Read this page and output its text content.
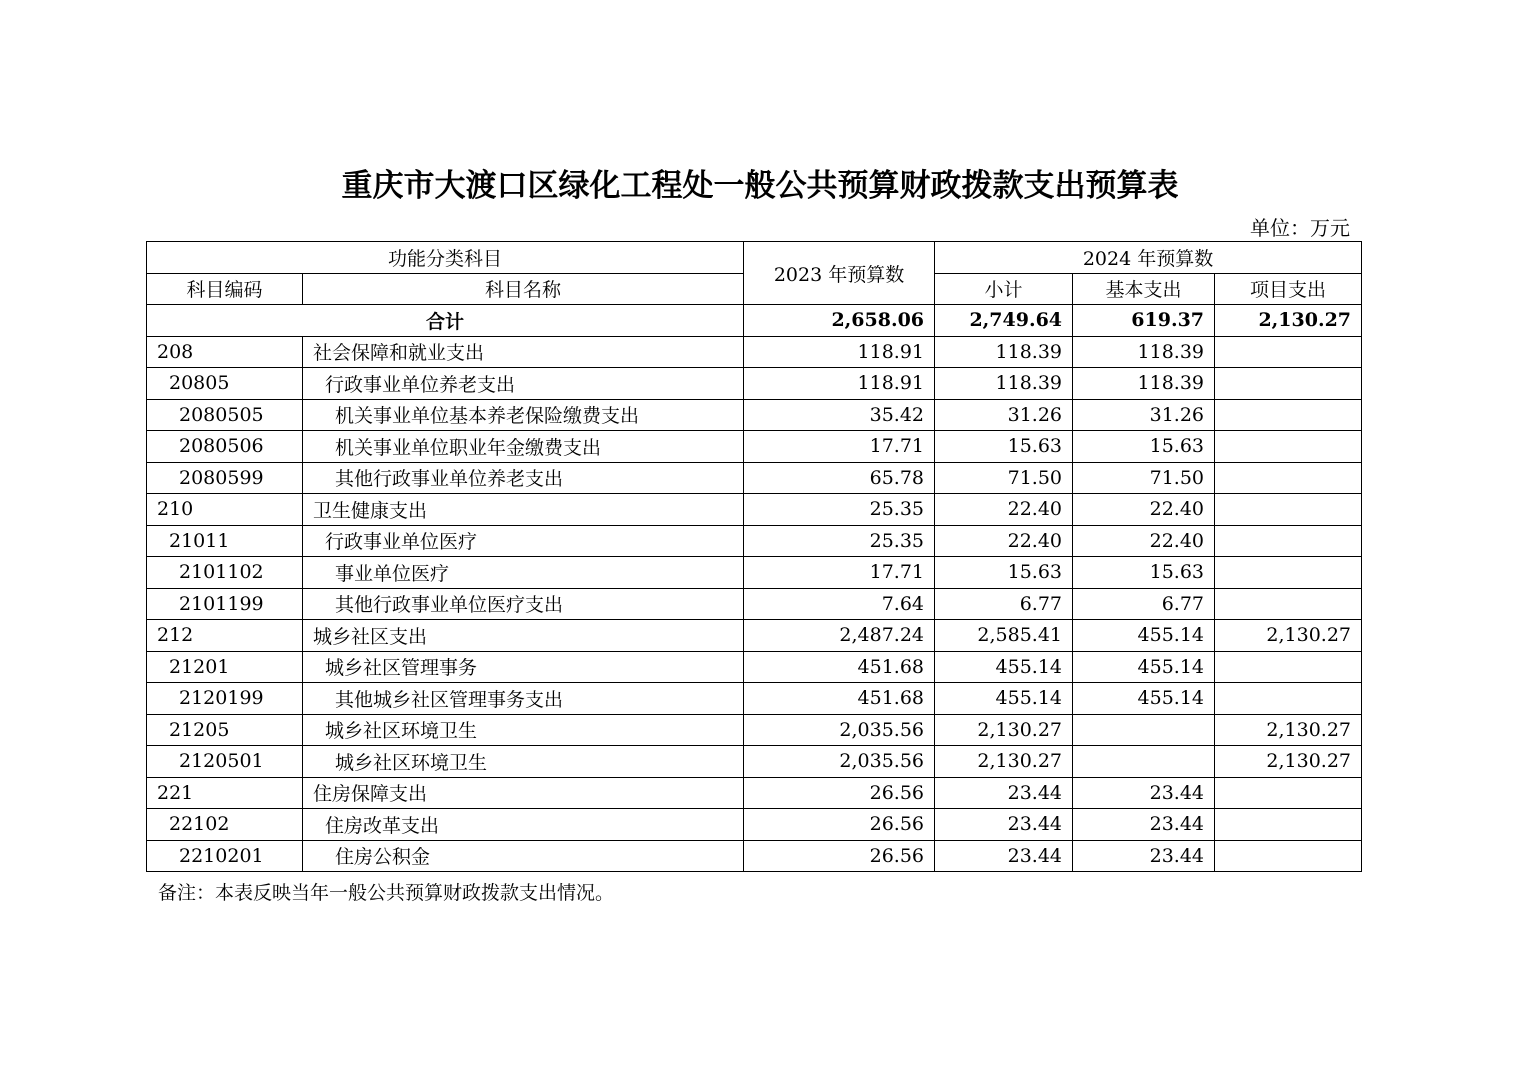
重庆市大渡口区绿化工程处一般公共预算财政拨款支出预算表
单位：万元
功能分类科目		2023 年预算数	2024 年预算数		
科目编码	科目名称		小计	基本支出	项目支出
合计		2,658.06	2,749.64	619.37	2,130.27
208	社会保障和就业支出	118.91	118.39	118.39	
20805	行政事业单位养老支出	118.91	118.39	118.39	
2080505	机关事业单位基本养老保险缴费支出	35.42	31.26	31.26	
2080506	机关事业单位职业年金缴费支出	17.71	15.63	15.63	
2080599	其他行政事业单位养老支出	65.78	71.50	71.50	
210	卫生健康支出	25.35	22.40	22.40	
21011	行政事业单位医疗	25.35	22.40	22.40	
2101102	事业单位医疗	17.71	15.63	15.63	
2101199	其他行政事业单位医疗支出	7.64	6.77	6.77	
212	城乡社区支出	2,487.24	2,585.41	455.14	2,130.27
21201	城乡社区管理事务	451.68	455.14	455.14	
2120199	其他城乡社区管理事务支出	451.68	455.14	455.14	
21205	城乡社区环境卫生	2,035.56	2,130.27		2,130.27
2120501	城乡社区环境卫生	2,035.56	2,130.27		2,130.27
221	住房保障支出	26.56	23.44	23.44	
22102	住房改革支出	26.56	23.44	23.44	
2210201	住房公积金	26.56	23.44	23.44	
备注：本表反映当年一般公共预算财政拨款支出情况。
